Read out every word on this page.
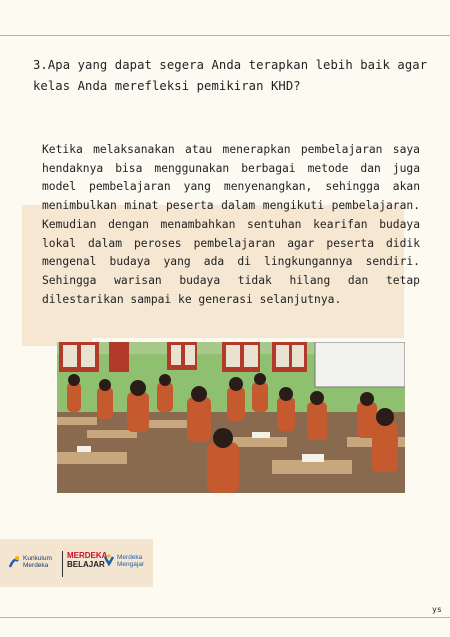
3.Apa yang dapat segera Anda terapkan lebih baik agar kelas Anda merefleksi pemikiran KHD?
Ketika melaksanakan atau menerapkan pembelajaran saya hendaknya bisa menggunakan berbagai metode dan juga model pembelajaran yang menyenangkan, sehingga akan menimbulkan minat peserta dalam mengikuti pembelajaran. Kemudian dengan menambahkan sentuhan kearifan budaya lokal dalam peroses pembelajaran agar peserta didik mengenal budaya yang ada di lingkungannya sendiri. Sehingga warisan budaya tidak hilang dan tetap dilestarikan sampai ke generasi selanjutnya.
Kurikulum
Merdeka
MERDEKA
BELAJAR
Merdeka
Mengajar
ys
